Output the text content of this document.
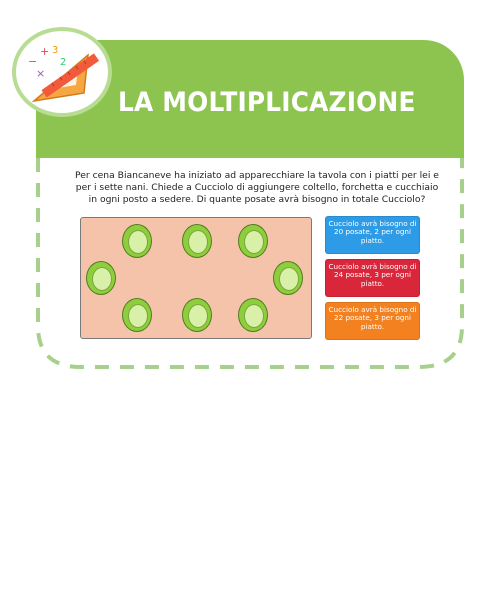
LA MOLTIPLICAZIONE
−
+ 3
2
×
Per cena Biancaneve ha iniziato ad apparecchiare la tavola con i piatti per lei e per i sette nani. Chiede a Cucciolo di aggiungere coltello, forchetta e cucchiaio in ogni posto a sedere. Di quante posate avrà bisogno in totale Cucciolo?
Cucciolo avrà bisogno di 20 posate, 2 per ogni piatto.
Cucciolo avrà bisogno di 24 posate, 3 per ogni piatto.
Cucciolo avrà bisogno di 22 posate, 3 per ogni piatto.
